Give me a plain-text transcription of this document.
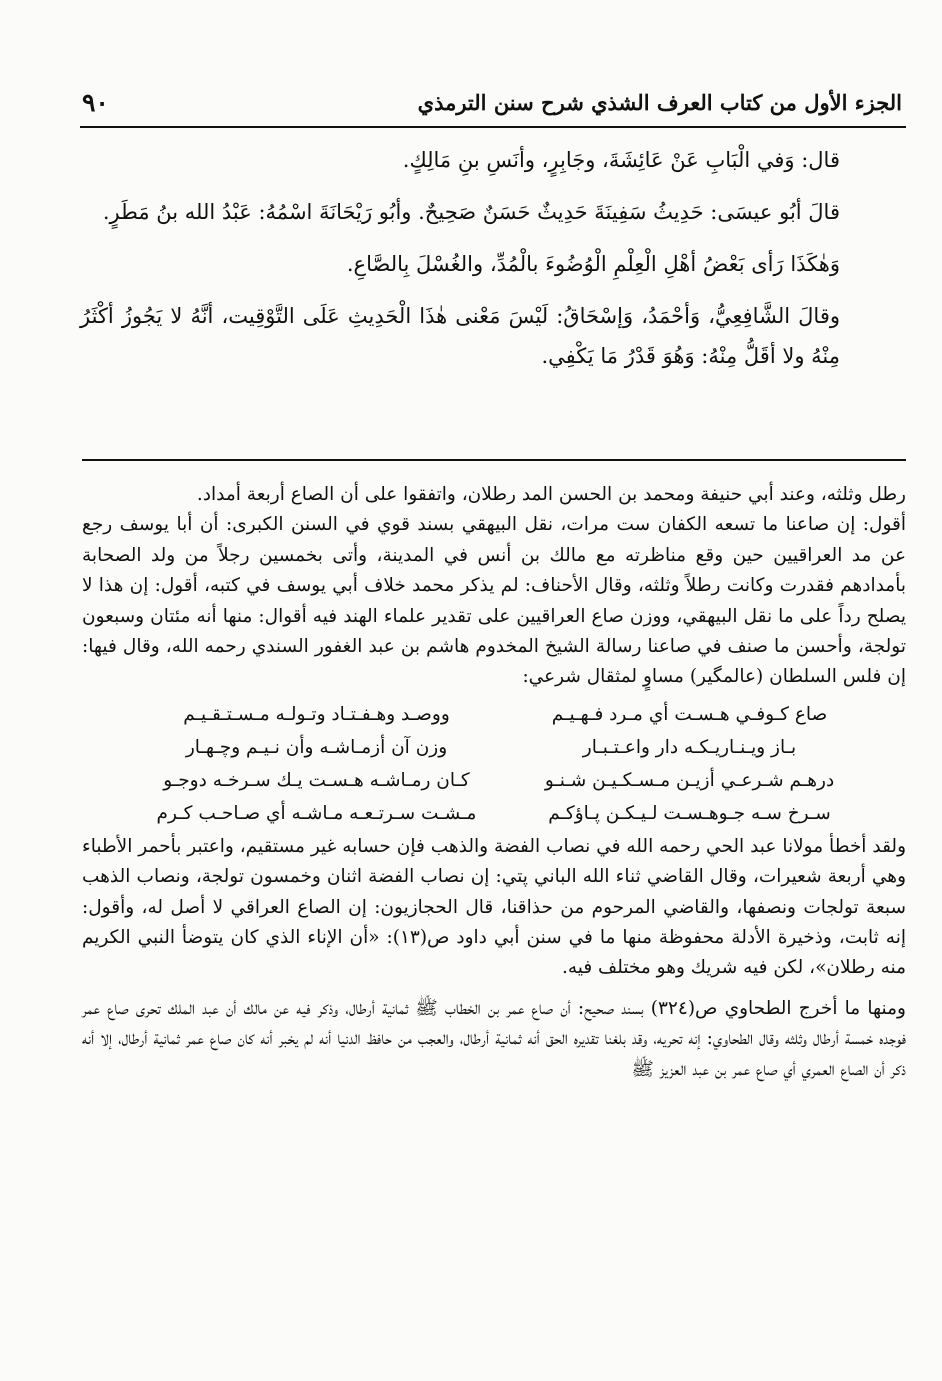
٩٠	الجزء الأول من كتاب العرف الشذي شرح سنن الترمذي

قال: وَفي الْبَابِ عَنْ عَائِشَةَ، وجَابِرٍ، وأنَسِ بنِ مَالِكٍ.

قالَ أبُو عيسَى: حَدِيثُ سَفِينَةَ حَدِيثٌ حَسَنٌ صَحِيحٌ. وأبُو رَيْحَانَةَ اسْمُهُ: عَبْدُ الله بنُ مَطَرٍ.

وَهٰكَذَا رَأى بَعْضُ أهْلِ الْعِلْمِ الْوُضُوءَ بالْمُدِّ، والغُسْلَ بِالصَّاعِ.

وقالَ الشَّافِعِيُّ، وَأحْمَدُ، وَإسْحَاقُ: لَيْسَ مَعْنى هٰذَا الْحَدِيثِ عَلَى التَّوْقِيت، أنَّهُ لا يَجُوزُ أكْثَرُ مِنْهُ ولا أقَلُّ مِنْهُ: وَهُوَ قَدْرُ مَا يَكْفِي.

رطل وثلثه، وعند أبي حنيفة ومحمد بن الحسن المد رطلان، واتفقوا على أن الصاع أربعة أمداد.

أقول: إن صاعنا ما تسعه الكفان ست مرات، نقل البيهقي بسند قوي في السنن الكبرى: أن أبا يوسف رجع عن مد العراقيين حين وقع مناظرته مع مالك بن أنس في المدينة، وأتى بخمسين رجلاً من ولد الصحابة بأمدادهم فقدرت وكانت رطلاً وثلثه، وقال الأحناف: لم يذكر محمد خلاف أبي يوسف في كتبه، أقول: إن هذا لا يصلح رداً على ما نقل البيهقي، ووزن صاع العراقيين على تقدير علماء الهند فيه أقوال: منها أنه مئتان وسبعون تولجة، وأحسن ما صنف في صاعنا رسالة الشيخ المخدوم هاشم بن عبد الغفور السندي رحمه الله، وقال فيها: إن فلس السلطان (عالمگير) مساوٍ لمثقال شرعي:

صاع كـوفـي هـسـت أي مـرد فـهـيـم
ووصـد وهـفـتـاد وتـولـه مـسـتـقـيـم
بـاز ويـنـاريـكـه دار واعـتـبـار
وزن آن أزمـاشـه وأن نـيـم وچـهـار
درهـم شـرعـي أزيـن مـسـكـيـن شـنـو
كـان رمـاشـه هـسـت يـك سـرخـه دوجـو
سـرخ سـه جـوهـسـت لـيـكـن پـاؤكـم
مـشـت سـرتـعـه مـاشـه أي صـاحـب كـرم

ولقد أخطأ مولانا عبد الحي رحمه الله في نصاب الفضة والذهب فإن حسابه غير مستقيم، واعتبر بأحمر الأطباء وهي أربعة شعيرات، وقال القاضي ثناء الله الباني پتي: إن نصاب الفضة اثنان وخمسون تولجة، ونصاب الذهب سبعة تولجات ونصفها، والقاضي المرحوم من حذاقنا، قال الحجازيون: إن الصاع العراقي لا أصل له، وأقول: إنه ثابت، وذخيرة الأدلة محفوظة منها ما في سنن أبي داود ص(١٣): «أن الإناء الذي كان يتوضأ النبي الكريم منه رطلان»، لكن فيه شريك وهو مختلف فيه.

ومنها ما أخرج الطحاوي ص(٣٢٤) بسند صحيح: أن صاع عمر بن الخطاب ﷺ ثمانية أرطال، وذكر فيه عن مالك أن عبد الملك تحرى صاع عمر فوجده خمسة أرطال وثلثه وقال الطحاوي: إنه تحريه، وقد بلغنا تقديره الحق أنه ثمانية أرطال، والعجب من حافظ الدنيا أنه لم يخبر أنه كان صاع عمر ثمانية أرطال، إلا أنه ذكر أن الصاع العمري أي صاع عمر بن عبد العزيز ﷺ
